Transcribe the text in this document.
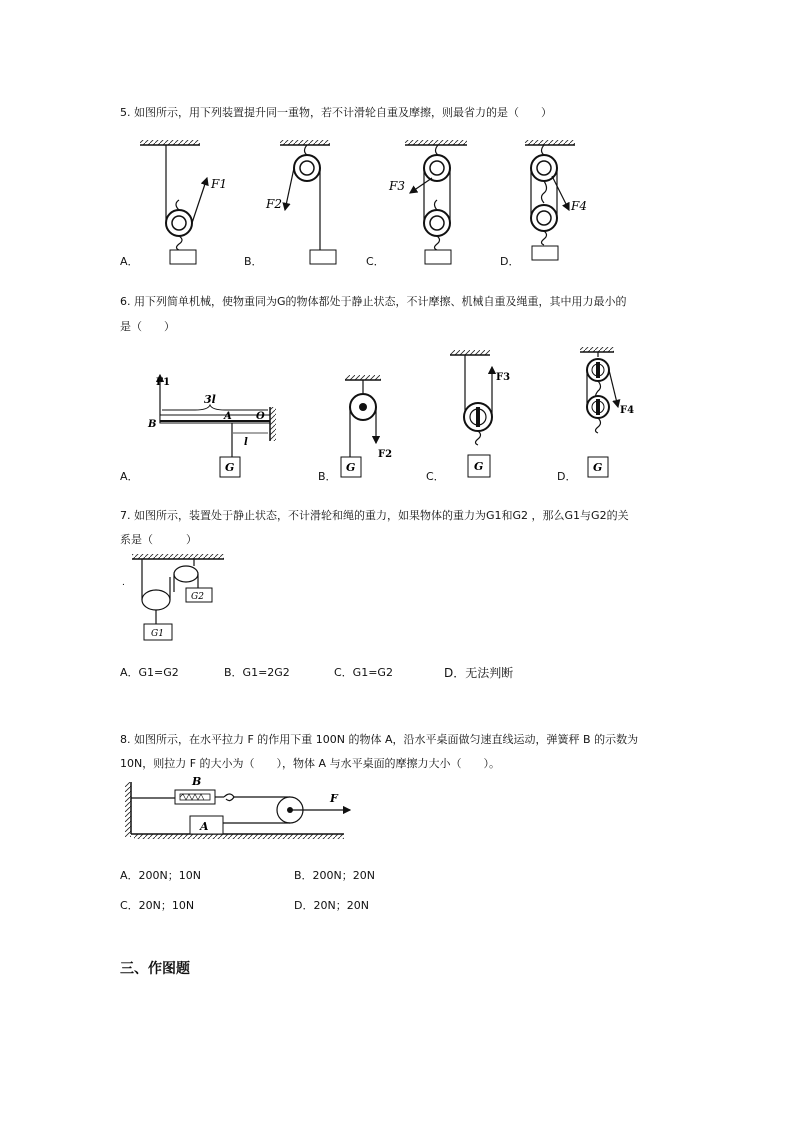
5. 如图所示，用下列装置提升同一重物，若不计滑轮自重及摩擦，则最省力的是（　　）
F1
F2
F3
F4
A．	B．	C．	D．
6. 用下列简单机械，使物重同为G的物体都处于静止状态，不计摩擦、机械自重及绳重，其中用力最小的
是（　　）
F1
3l
A O
B
l
G
F2
G
F3
G
F4
G
A．	B．	C．	D．
7. 如图所示，装置处于静止状态，不计滑轮和绳的重力，如果物体的重力为G1和G2 ，那么G1与G2的关
系是（　　　）
.
G1
G2
A．G1=G2	B．G1=2G2	C．G1=G2	D．无法判断
8. 如图所示，在水平拉力 F 的作用下重 100N 的物体 A，沿水平桌面做匀速直线运动，弹簧秤 B 的示数为
10N，则拉力 F 的大小为（　　），物体 A 与水平桌面的摩擦力大小（　　）。
B
F
A
A．200N；10N	B．200N；20N
C．20N；10N	D．20N；20N
三、作图题
